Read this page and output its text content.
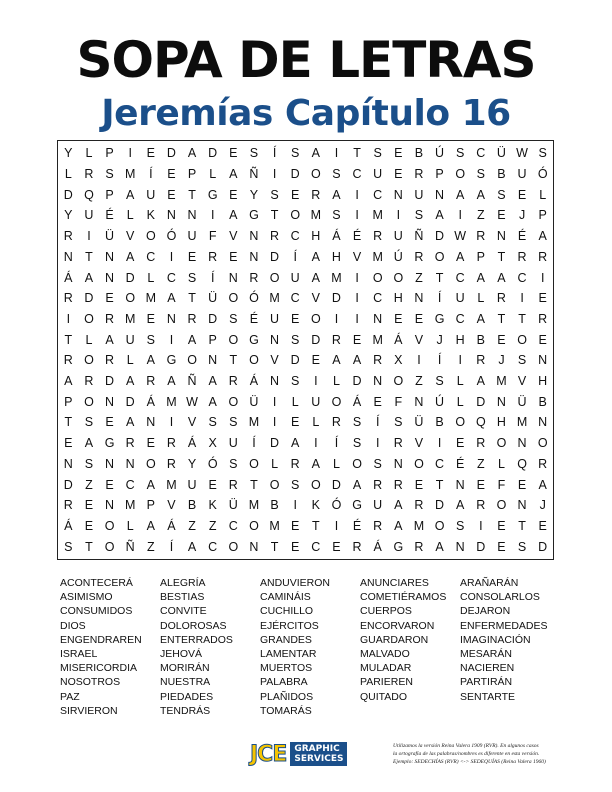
SOPA DE LETRAS
Jeremías Capítulo 16
Y	L	P	I	E D A D E S	Í	S A	I	T	S E B Ú S C Ü W S
L	R S M	Í	E P	L	A Ñ	I	D O S C U E R P O S B U Ó
D Q P A U E	T G E Y S E R A	I	C N U N A A S E	L
Y U É	L	K N N	I	A G T O M S	I	M	I	S A	I	Z	E	J	P
R	I	Ü V O Ó U F	V N R C H Á É R U Ñ D W R N É A
N T N A C	I	E R E N D	Í	A H V M Ú R O A P	T R R
Á A N D	L	C S	Í	N R O U A M	I	O O Z	T C A A C	I
R D E O M A	T Ü O Ó M C V D	I	C H N	Í	U	L	R	I	E
I	O R M E N R D S É U E O	I	I	N E E G C A	T	T R
T	L	A U S	I	A P O G N S D R E M Á V	J	H B E O E
R O R	L	A G O N T O V D E A A R X	I	Í	I	R	J	S N
A R D A R A Ñ A R Á N S	I	L	D N O Z	S	L	A M V H
P O N D Á M W A O Ü	I	L	U O Á E	F N Ú	L	D N Ü B
T	S E A N	I	V S S M	I	E	L	R S	Í	S Ü B O Q H M N
E A G R E R Á X U	Í	D A	I	Í	S	I	R V	I	E R O N O
N S N N O R Y Ó S O L	R A	L O S N O C É	Z	L Q R
D Z	E C A M U E R T O S O D A R R E	T N E	F	E A
R E N M P V B K Ü M B	I	K Ó G U A R D A R O N	J
Á E O L	A Á	Z	Z C O M E	T	I	É R A M O S	I	E	T	E
S	T O Ñ Z	Í	A C O N T	E C E R Á G R A N D E S D
ACONTECERÁ	ALEGRÍA	ANDUVIERON	ANUNCIARES	ARAÑARÁN
ASIMISMO	BESTIAS	CAMINÁIS	COMETIÉRAMOS	CONSOLARLOS
CONSUMIDOS	CONVITE	CUCHILLO	CUERPOS	DEJARON
DIOS	DOLOROSAS	EJÉRCITOS	ENCORVARON	ENFERMEDADES
ENGENDRAREN	ENTERRADOS	GRANDES	GUARDARON	IMAGINACIÓN
ISRAEL	JEHOVÁ	LAMENTAR	MALVADO	MESARÁN
MISERICORDIA	MORIRÁN	MUERTOS	MULADAR	NACIEREN
NOSOTROS	NUESTRA	PALABRA	PARIEREN	PARTIRÁN
PAZ	PIEDADES	PLAÑIDOS	QUITADO	SENTARTE
SIRVIERON	TENDRÁS	TOMARÁS
JCE GRAPHIC
SERVICES
Utilizamos la versión Reina Valera 1909 (RVR). En algunos casos
la ortografía de las palabras/nombres es diferente en esta versión.
Ejemplo: SEDECHÍAS (RVR) <-> SEDEQUÍAS (Reina Valera 1960)
